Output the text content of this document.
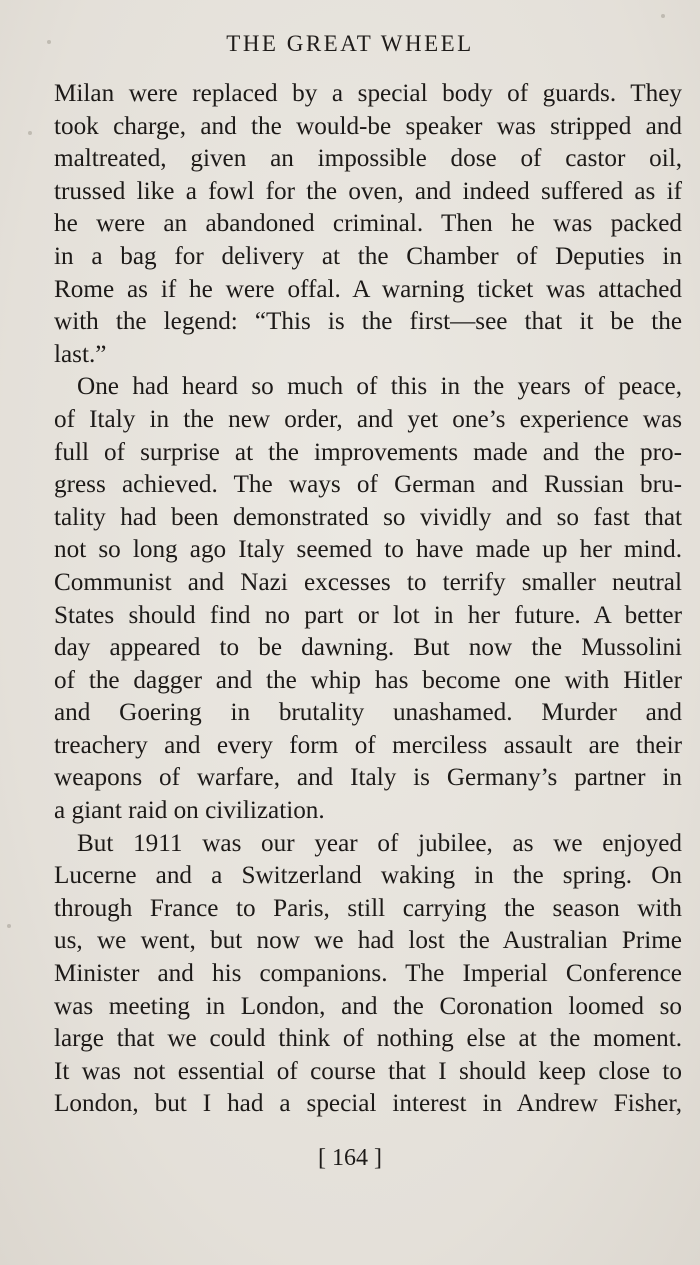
THE GREAT WHEEL
Milan were replaced by a special body of guards. They
took charge, and the would-be speaker was stripped and
maltreated, given an impossible dose of castor oil,
trussed like a fowl for the oven, and indeed suffered as if
he were an abandoned criminal. Then he was packed
in a bag for delivery at the Chamber of Deputies in
Rome as if he were offal. A warning ticket was attached
with the legend: “This is the first—see that it be the
last.”
One had heard so much of this in the years of peace,
of Italy in the new order, and yet one’s experience was
full of surprise at the improvements made and the pro-
gress achieved. The ways of German and Russian bru-
tality had been demonstrated so vividly and so fast that
not so long ago Italy seemed to have made up her mind.
Communist and Nazi excesses to terrify smaller neutral
States should find no part or lot in her future. A better
day appeared to be dawning. But now the Mussolini
of the dagger and the whip has become one with Hitler
and Goering in brutality unashamed. Murder and
treachery and every form of merciless assault are their
weapons of warfare, and Italy is Germany’s partner in
a giant raid on civilization.
But 1911 was our year of jubilee, as we enjoyed
Lucerne and a Switzerland waking in the spring. On
through France to Paris, still carrying the season with
us, we went, but now we had lost the Australian Prime
Minister and his companions. The Imperial Conference
was meeting in London, and the Coronation loomed so
large that we could think of nothing else at the moment.
It was not essential of course that I should keep close to
London, but I had a special interest in Andrew Fisher,
[ 164 ]
